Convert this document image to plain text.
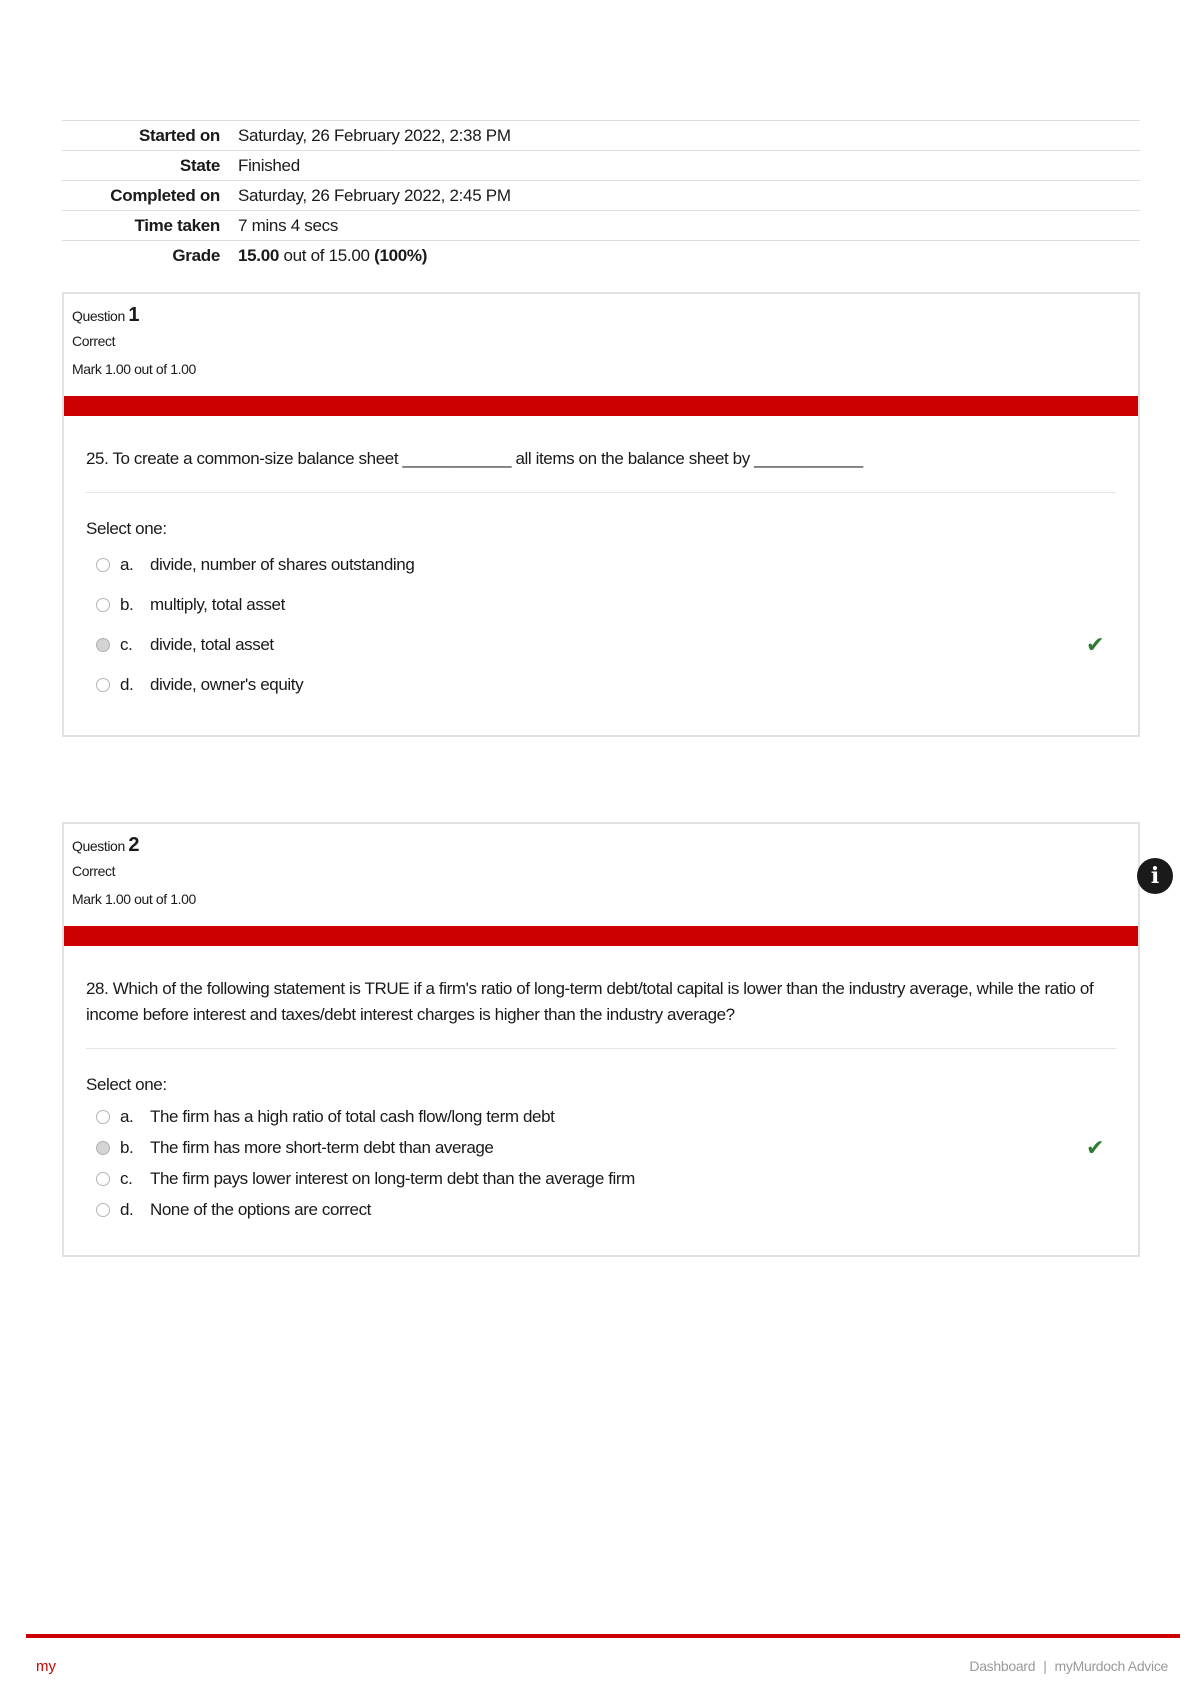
Started on	Saturday, 26 February 2022, 2:38 PM
State	Finished
Completed on	Saturday, 26 February 2022, 2:45 PM
Time taken	7 mins 4 secs
Grade	15.00 out of 15.00 (100%)
Question 1
Correct
Mark 1.00 out of 1.00
25. To create a common-size balance sheet ____________ all items on the balance sheet by ____________
Select one:
a. divide, number of shares outstanding
b. multiply, total asset
c.	divide, total asset	✔
d. divide, owner's equity
Question 2
Correct
Mark 1.00 out of 1.00
28. Which of the following statement is TRUE if a firm's ratio of long-term debt/total capital is lower than the industry average, while the ratio of income before interest and taxes/debt interest charges is higher than the industry average?
Select one:
a. The firm has a high ratio of total cash flow/long term debt
b. The firm has more short-term debt than average	✔
c.	The firm pays lower interest on long-term debt than the average firm
d. None of the options are correct
i
my	Dashboard | myMurdoch Advice
